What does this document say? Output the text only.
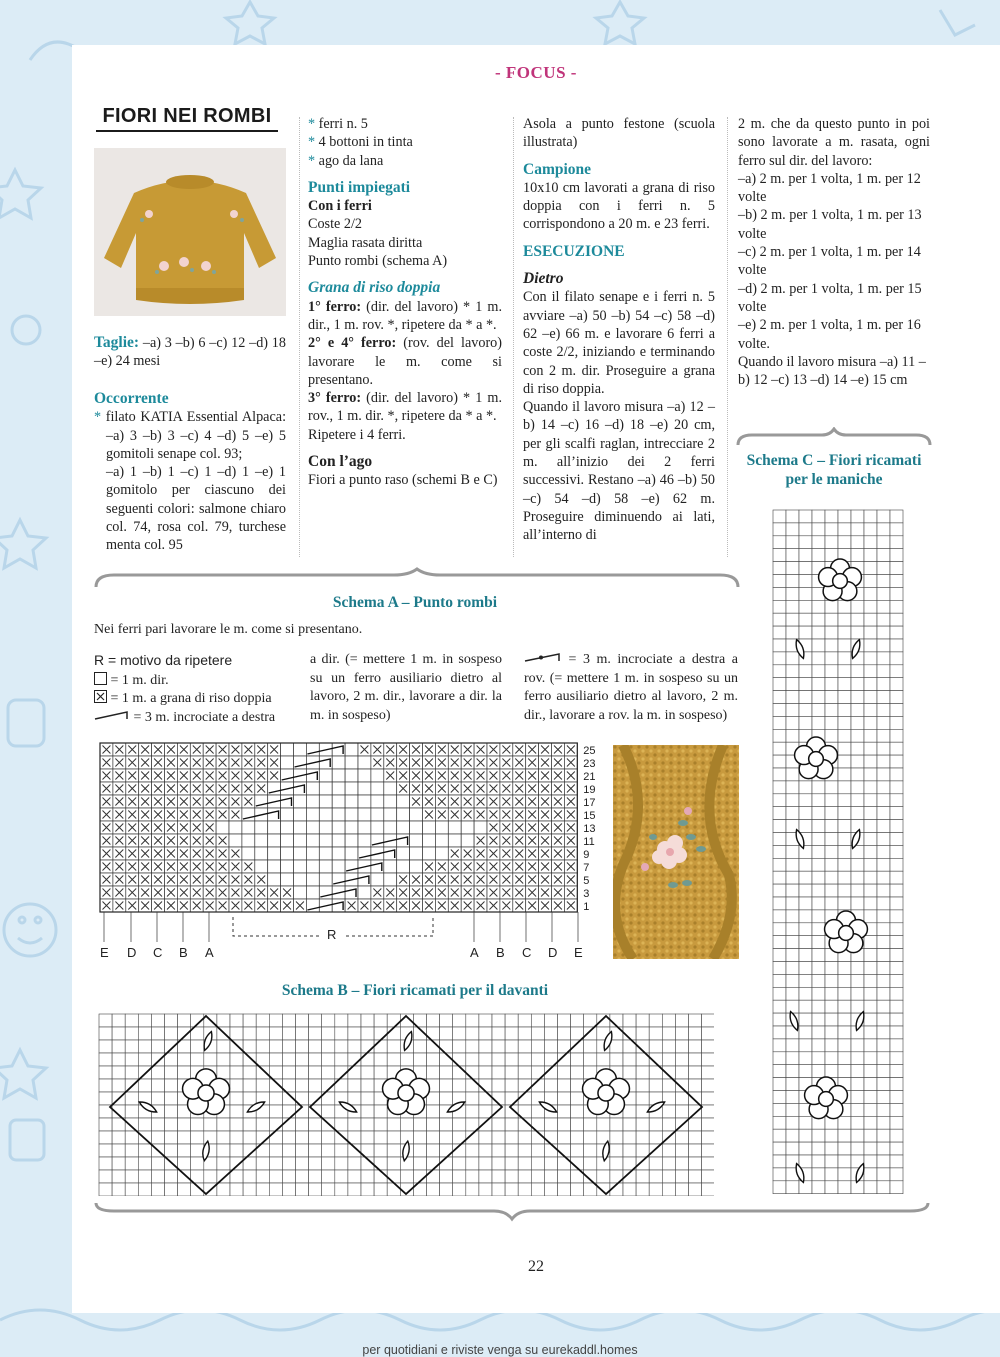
- FOCUS -
FIORI NEI ROMBI

Taglie: –a) 3 –b) 6 –c) 12 –d) 18 –e) 24 mesi

Occorrente

* filato KATIA Essential Alpaca: –a) 3 –b) 3 –c) 4 –d) 5 –e) 5 gomitoli senape col. 93;

–a) 1 –b) 1 –c) 1 –d) 1 –e) 1 gomitolo per ciascuno dei seguenti colori: salmone chiaro col. 74, rosa col. 79, turchese menta col. 95

* ferri n. 5

* 4 bottoni in tinta

* ago da lana

Punti impiegati

Con i ferri

Coste 2/2

Maglia rasata diritta

Punto rombi (schema A)

Grana di riso doppia

1° ferro: (dir. del lavoro) * 1 m. dir., 1 m. rov. *, ripetere da * a *.

2° e 4° ferro: (rov. del lavoro) lavorare le m. come si presentano.

3° ferro: (dir. del lavoro) * 1 m. rov., 1 m. dir. *, ripetere da * a *.

Ripetere i 4 ferri.

Con l’ago

Fiori a punto raso (schemi B e C)

Asola a punto festone (scuola illustrata)

Campione

10x10 cm lavorati a grana di riso doppia con i ferri n. 5 corrispondono a 20 m. e 23 ferri.

ESECUZIONE

Dietro

Con il filato senape e i ferri n. 5 avviare –a) 50 –b) 54 –c) 58 –d) 62 –e) 66 m. e lavorare 6 ferri a coste 2/2, iniziando e terminando con 2 m. dir. Proseguire a grana di riso doppia.

Quando il lavoro misura –a) 12 –b) 14 –c) 16 –d) 18 –e) 20 cm, per gli scalfi raglan, intrecciare 2 m. all’inizio dei 2 ferri successivi. Restano –a) 46 –b) 50 –c) 54 –d) 58 –e) 62 m. Proseguire diminuendo ai lati, all’interno di

2 m. che da questo punto in poi sono lavorate a m. rasata, ogni ferro sul dir. del lavoro:

–a) 2 m. per 1 volta, 1 m. per 12 volte

–b) 2 m. per 1 volta, 1 m. per 13 volte

–c) 2 m. per 1 volta, 1 m. per 14 volte

–d) 2 m. per 1 volta, 1 m. per 15 volte

–e) 2 m. per 1 volta, 1 m. per 16 volte.

Quando il lavoro misura –a) 11 –b) 12 –c) 13 –d) 14 –e) 15 cm

Schema A – Punto rombi
Nei ferri pari lavorare le m. come si presentano.

R = motivo da ripetere

= 1 m. dir.

= 1 m. a grana di riso doppia

= 3 m. incrociate a destra

a dir. (= mettere 1 m. in sospeso su un ferro ausiliario dietro al lavoro, 2 m. dir., lavorare a dir. la m. in sospeso)
= 3 m. incrociate a destra a rov. (= mettere 1 m. in sospeso su un ferro ausiliario dietro al lavoro, 2 m. dir., lavorare a rov. la m. in sospeso)
25
23
21
19
17
15
13
11
9
7
5
3
1
E D C B A	A B C D E
R
Schema B – Fiori ricamati per il davanti
Schema C – Fiori ricamati per le maniche
22
per quotidiani e riviste venga su eurekaddl.homes
